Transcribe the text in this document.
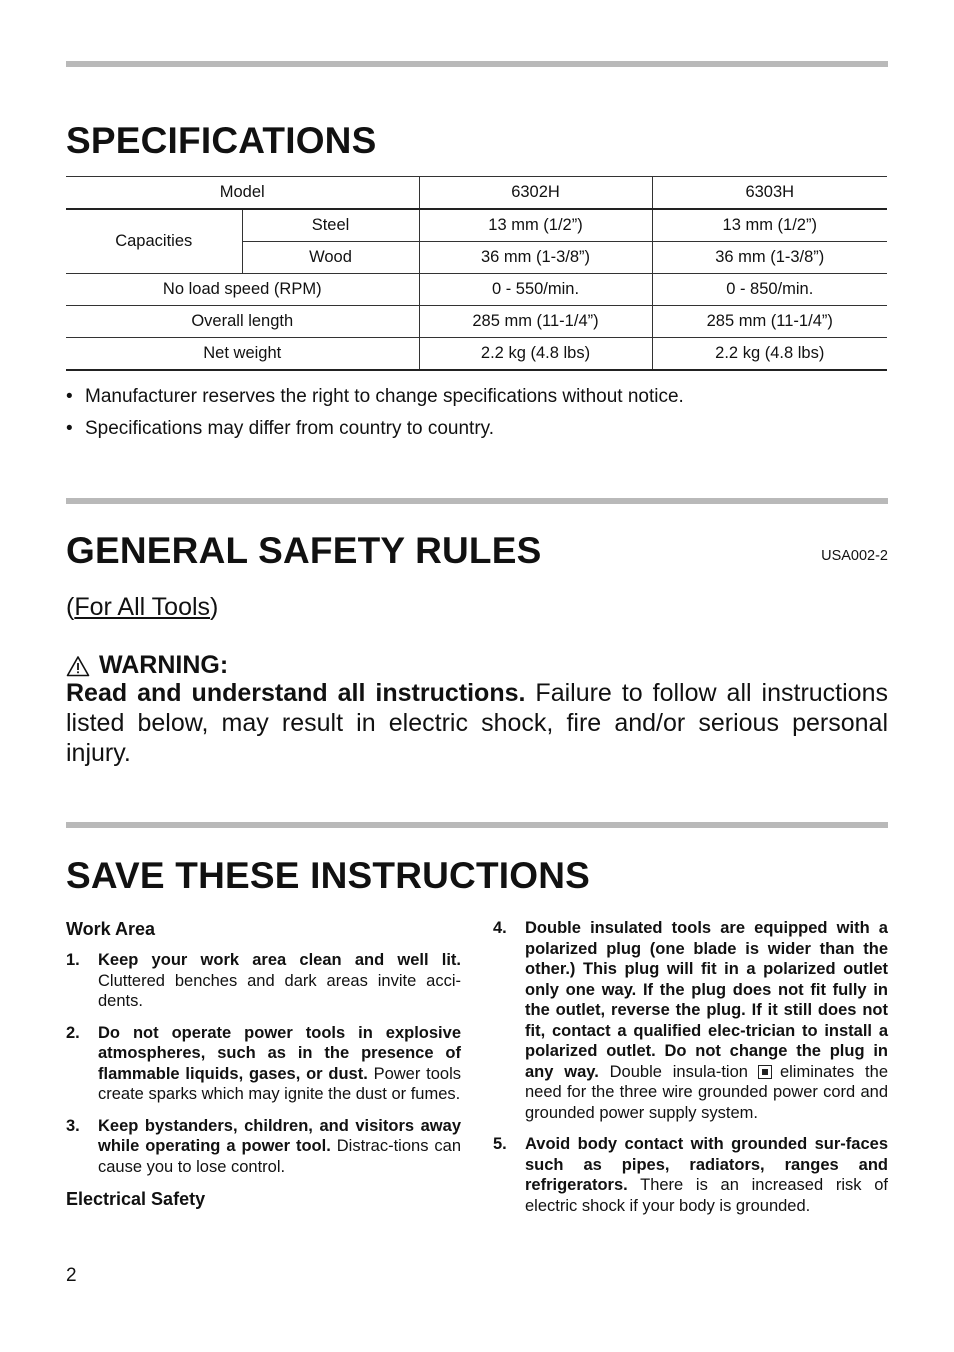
SPECIFICATIONS
Model		6302H	6303H
Capacities	Steel	13 mm (1/2”)	13 mm (1/2”)
	Wood	36 mm (1-3/8”)	36 mm (1-3/8”)
No load speed (RPM)		0 - 550/min.	0 - 850/min.
Overall length		285 mm (11-1/4”)	285 mm (11-1/4”)
Net weight		2.2 kg (4.8 lbs)	2.2 kg (4.8 lbs)
• Manufacturer reserves the right to change specifications without notice.
• Specifications may differ from country to country.
GENERAL SAFETY RULES	USA002-2
(For All Tools)
WARNING:
Read and understand all instructions. Failure to follow all instructions listed below, may result in electric shock, fire and/or serious personal injury.
SAVE THESE INSTRUCTIONS
Work Area
1.	Keep your work area clean and well lit. Cluttered benches and dark areas invite acci-dents.
2.	Do not operate power tools in explosive atmospheres, such as in the presence of flammable liquids, gases, or dust. Power tools create sparks which may ignite the dust or fumes.
3.	Keep bystanders, children, and visitors away while operating a power tool. Distrac-tions can cause you to lose control.
Electrical Safety
4.	Double insulated tools are equipped with a polarized plug (one blade is wider than the other.) This plug will fit in a polarized outlet only one way. If the plug does not fit fully in the outlet, reverse the plug. If it still does not fit, contact a qualified elec-trician to install a polarized outlet. Do not change the plug in any way. Double insula-tion eliminates the need for the three wire grounded power cord and grounded power supply system.
5.	Avoid body contact with grounded sur-faces such as pipes, radiators, ranges and refrigerators. There is an increased risk of electric shock if your body is grounded.
2
